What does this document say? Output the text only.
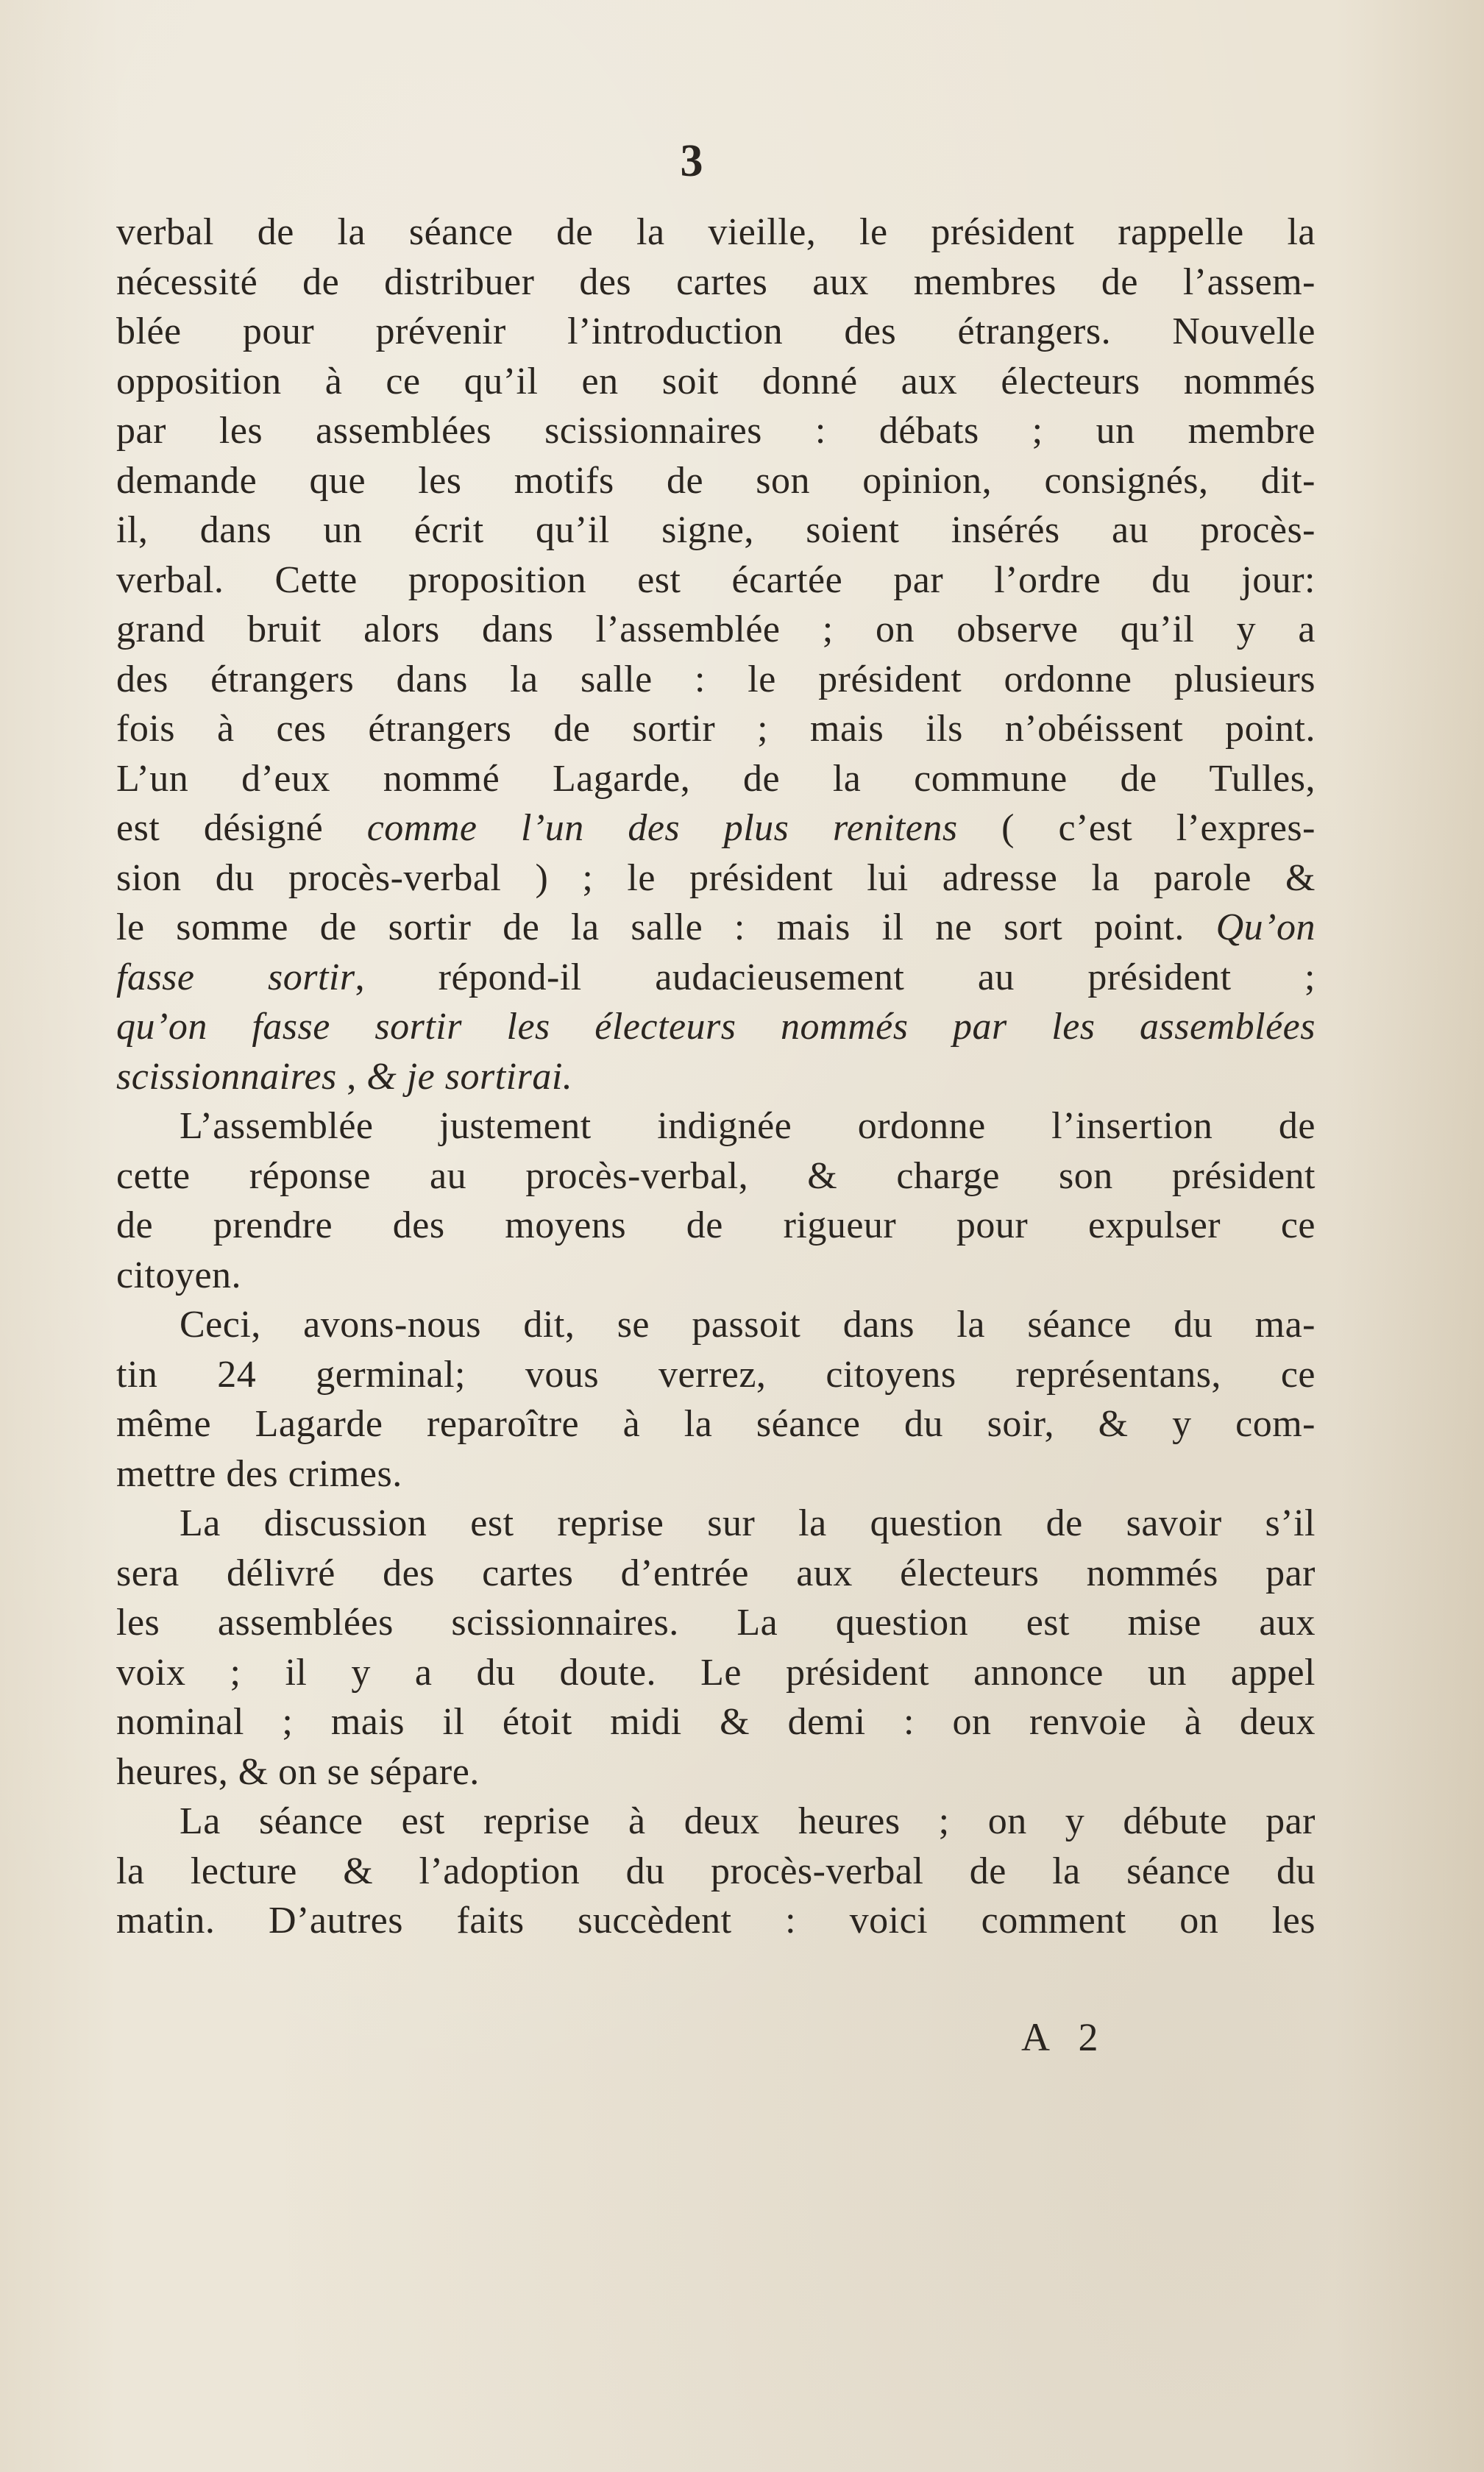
3
verbal de la séance de la vieille, le président rappelle la
nécessité de distribuer des cartes aux membres de l’assem-
blée pour prévenir l’introduction des étrangers. Nouvelle
opposition à ce qu’il en soit donné aux électeurs nommés
par les assemblées scissionnaires : débats ; un membre
demande que les motifs de son opinion, consignés, dit-
il, dans un écrit qu’il signe, soient insérés au procès-
verbal. Cette proposition est écartée par l’ordre du jour:
grand bruit alors dans l’assemblée ; on observe qu’il y a
des étrangers dans la salle : le président ordonne plusieurs
fois à ces étrangers de sortir ; mais ils n’obéissent point.
L’un d’eux nommé Lagarde, de la commune de Tulles,
est désigné comme l’un des plus renitens ( c’est l’expres-
sion du procès-verbal ) ; le président lui adresse la parole &
le somme de sortir de la salle : mais il ne sort point. Qu’on
fasse sortir, répond-il audacieusement au président ;
qu’on fasse sortir les électeurs nommés par les assemblées
scissionnaires , & je sortirai.
L’assemblée justement indignée ordonne l’insertion de
cette réponse au procès-verbal, & charge son président
de prendre des moyens de rigueur pour expulser ce
citoyen.
Ceci, avons-nous dit, se passoit dans la séance du ma-
tin 24 germinal; vous verrez, citoyens représentans, ce
même Lagarde reparoître à la séance du soir, & y com-
mettre des crimes.
La discussion est reprise sur la question de savoir s’il
sera délivré des cartes d’entrée aux électeurs nommés par
les assemblées scissionnaires. La question est mise aux
voix ; il y a du doute. Le président annonce un appel
nominal ; mais il étoit midi & demi : on renvoie à deux
heures, & on se sépare.
La séance est reprise à deux heures ; on y débute par
la lecture & l’adoption du procès-verbal de la séance du
matin. D’autres faits succèdent : voici comment on les
A 2
